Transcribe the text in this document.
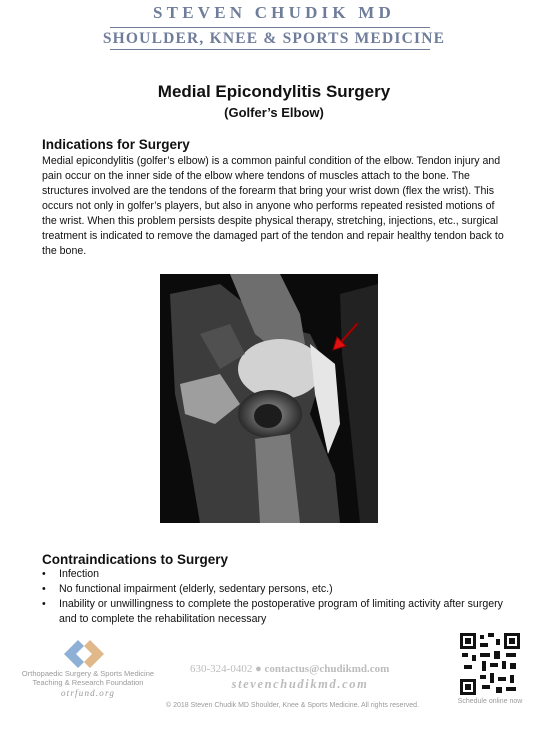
STEVEN CHUDIK MD
SHOULDER, KNEE & SPORTS MEDICINE
Medial Epicondylitis Surgery
(Golfer’s Elbow)
Indications for Surgery
Medial epicondylitis (golfer’s elbow) is a common painful condition of the elbow. Tendon injury and pain occur on the inner side of the elbow where tendons of muscles attach to the bone. The structures involved are the tendons of the forearm that bring your wrist down (flex the wrist). This occurs not only in golfer’s players, but also in anyone who performs repeated resisted motions of the wrist. When this problem persists despite physical therapy, stretching, injections, etc., surgical treatment is indicated to remove the damaged part of the tendon and repair healthy tendon back to the bone.
Contraindications to Surgery
• Infection
• No functional impairment (elderly, sedentary persons, etc.)
• Inability or unwillingness to complete the postoperative program of limiting activity after surgery and to complete the rehabilitation necessary
Orthopaedic Surgery & Sports Medicine
Teaching & Research Foundation
otrfund.org
630-324-0402 ● contactus@chudikmd.com
stevenchudikmd.com
© 2018 Steven Chudik MD Shoulder, Knee & Sports Medicine. All rights reserved.
Schedule online now
